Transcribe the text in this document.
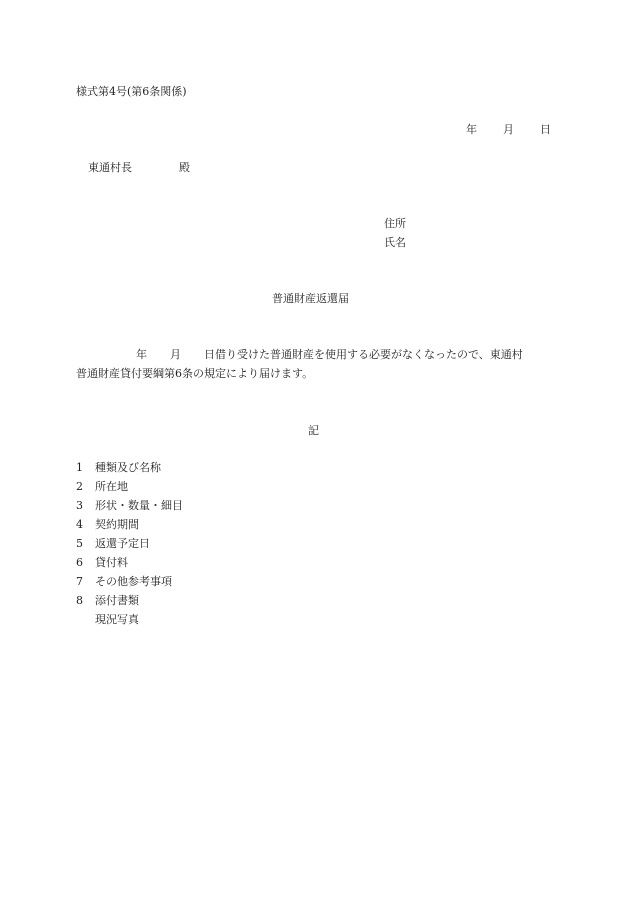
様式第4号(第6条関係)
年 月 日
東通村長	殿
住所
氏名
普通財産返還届
年 月 日借り受けた普通財産を使用する必要がなくなったので、東通村
普通財産貸付要綱第6条の規定により届けます。
記
1 種類及び名称
2 所在地
3 形状・数量・細目
4 契約期間
5 返還予定日
6 貸付料
7 その他参考事項
8 添付書類
現況写真
